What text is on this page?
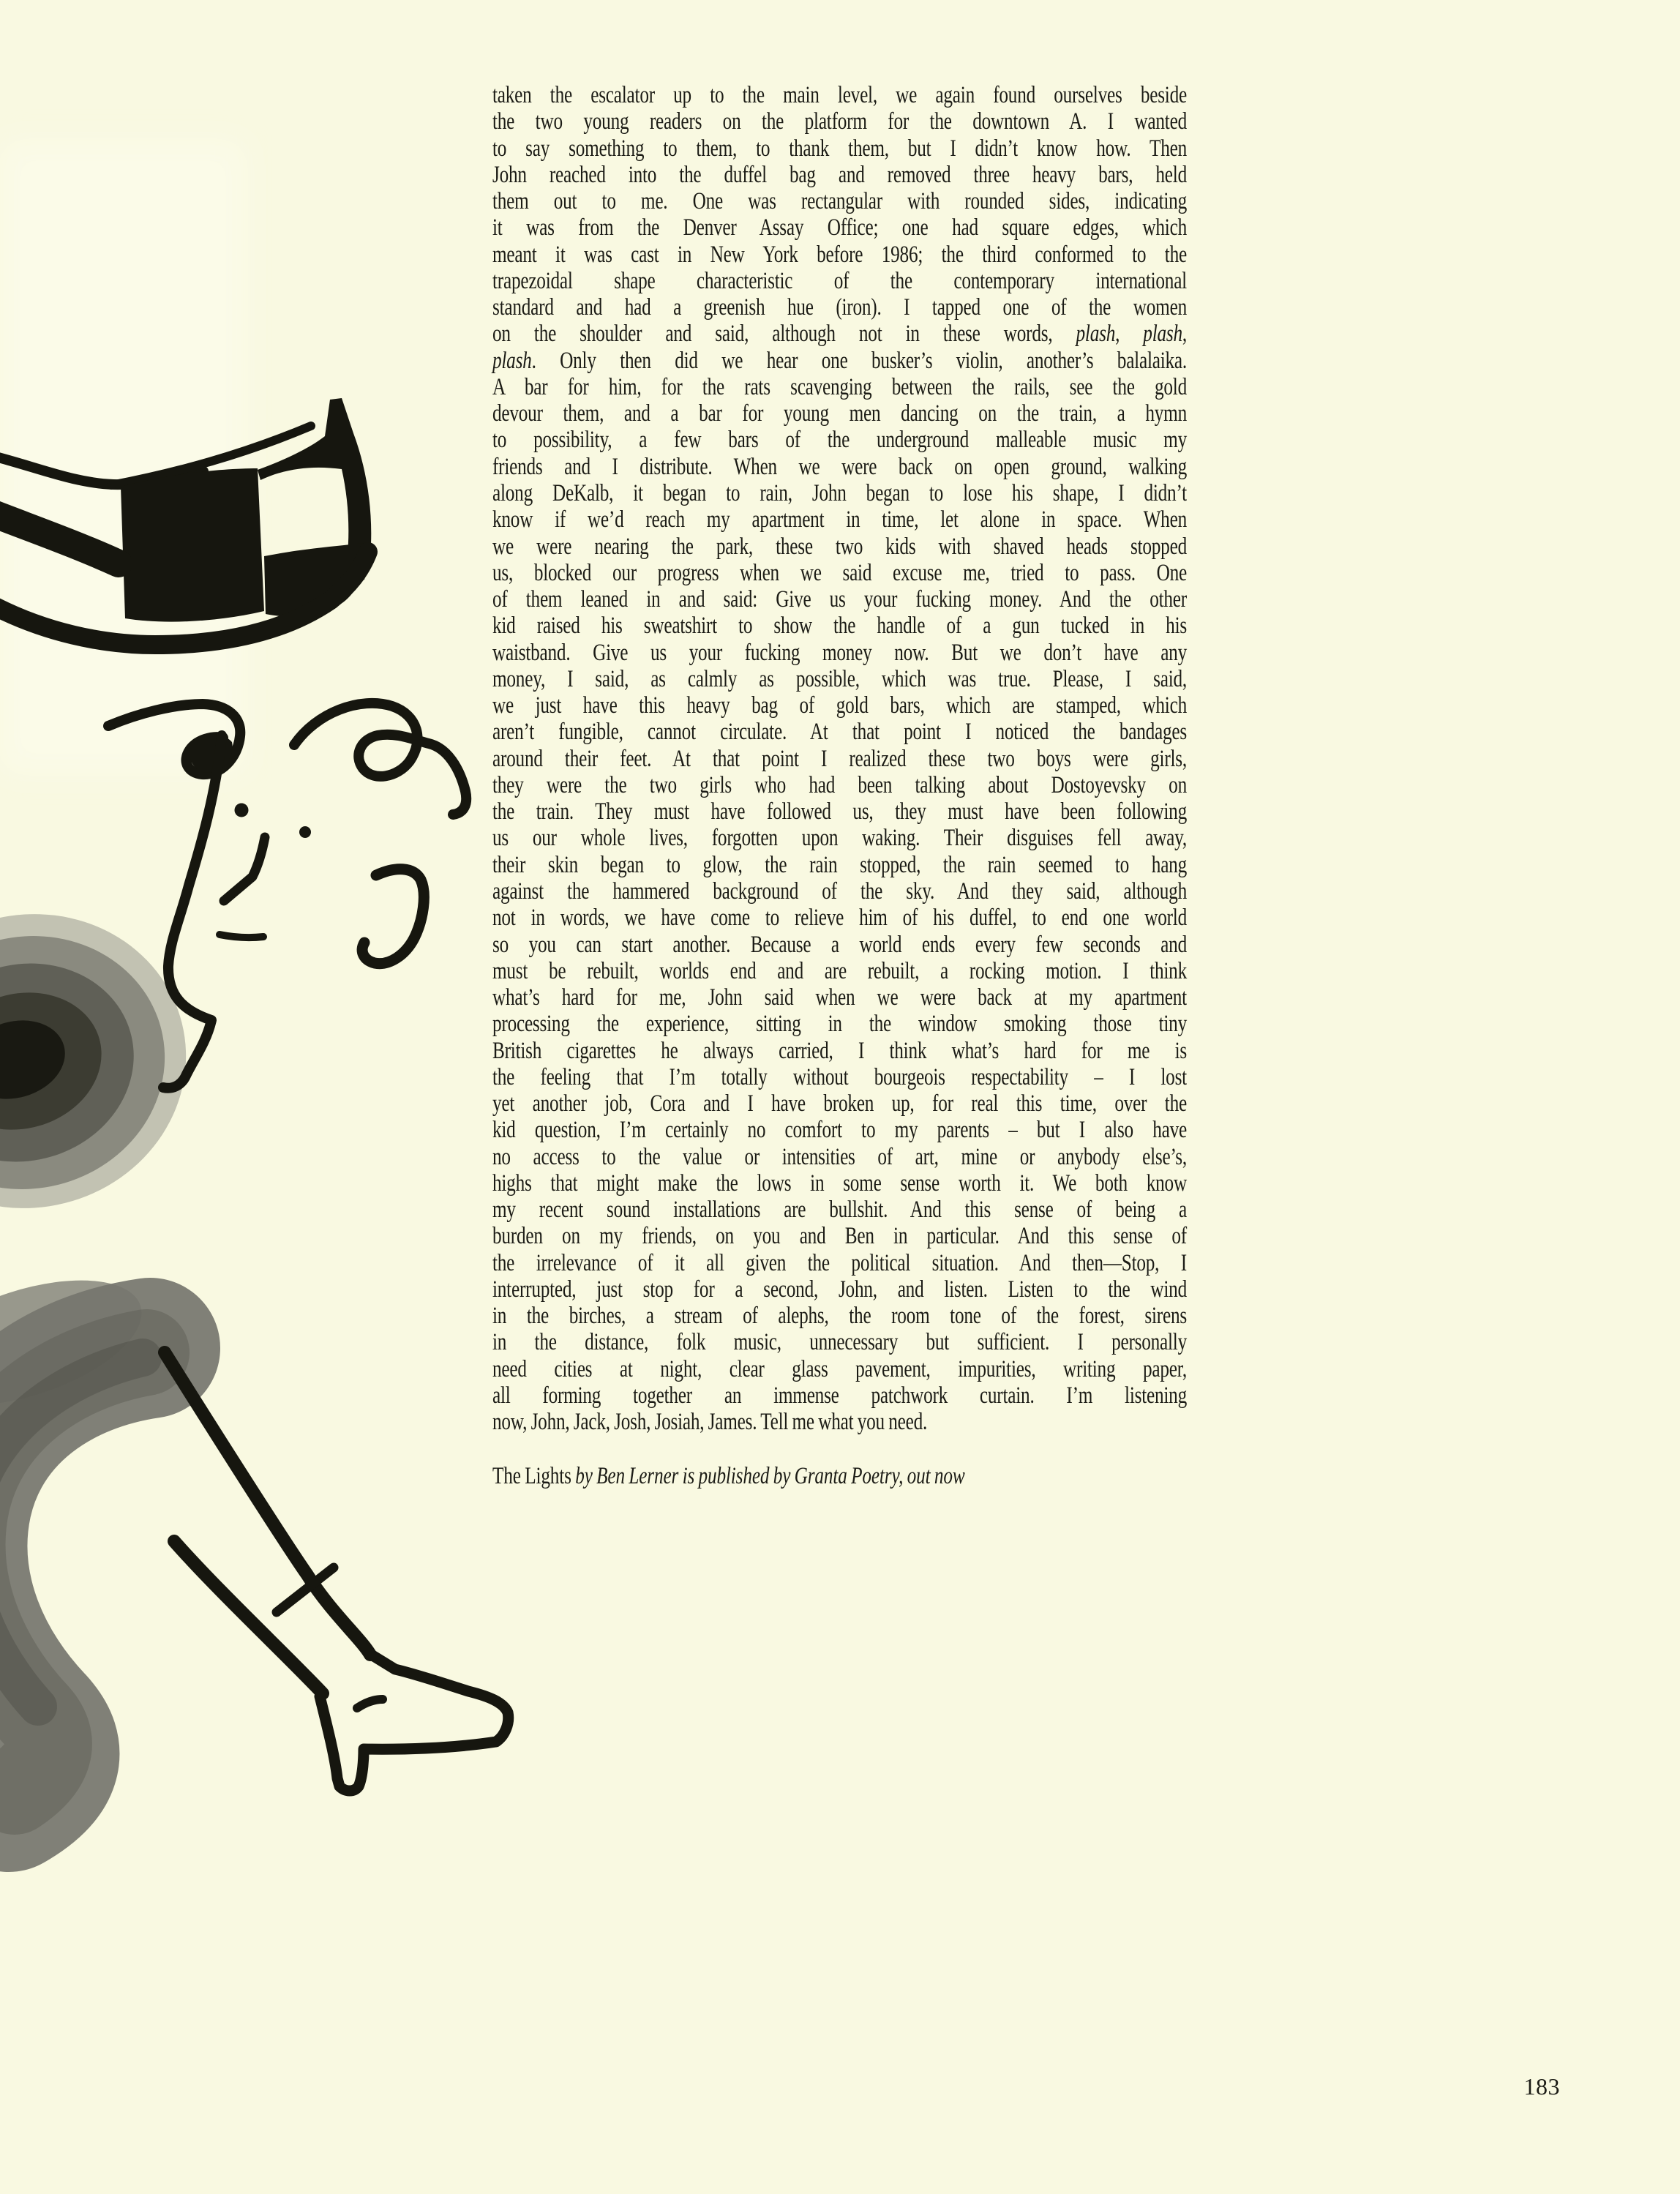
taken the escalator up to the main level, we again found ourselves beside
the two young readers on the platform for the downtown A. I wanted
to say something to them, to thank them, but I didn’t know how. Then
John reached into the duffel bag and removed three heavy bars, held
them out to me. One was rectangular with rounded sides, indicating
it was from the Denver Assay Office; one had square edges, which
meant it was cast in New York before 1986; the third conformed to the
trapezoidal shape characteristic of the contemporary international
standard and had a greenish hue (iron). I tapped one of the women
on the shoulder and said, although not in these words, plash, plash,
plash. Only then did we hear one busker’s violin, another’s balalaika.
A bar for him, for the rats scavenging between the rails, see the gold
devour them, and a bar for young men dancing on the train, a hymn
to possibility, a few bars of the underground malleable music my
friends and I distribute. When we were back on open ground, walking
along DeKalb, it began to rain, John began to lose his shape, I didn’t
know if we’d reach my apartment in time, let alone in space. When
we were nearing the park, these two kids with shaved heads stopped
us, blocked our progress when we said excuse me, tried to pass. One
of them leaned in and said: Give us your fucking money. And the other
kid raised his sweatshirt to show the handle of a gun tucked in his
waistband. Give us your fucking money now. But we don’t have any
money, I said, as calmly as possible, which was true. Please, I said,
we just have this heavy bag of gold bars, which are stamped, which
aren’t fungible, cannot circulate. At that point I noticed the bandages
around their feet. At that point I realized these two boys were girls,
they were the two girls who had been talking about Dostoyevsky on
the train. They must have followed us, they must have been following
us our whole lives, forgotten upon waking. Their disguises fell away,
their skin began to glow, the rain stopped, the rain seemed to hang
against the hammered background of the sky. And they said, although
not in words, we have come to relieve him of his duffel, to end one world
so you can start another. Because a world ends every few seconds and
must be rebuilt, worlds end and are rebuilt, a rocking motion. I think
what’s hard for me, John said when we were back at my apartment
processing the experience, sitting in the window smoking those tiny
British cigarettes he always carried, I think what’s hard for me is
the feeling that I’m totally without bourgeois respectability – I lost
yet another job, Cora and I have broken up, for real this time, over the
kid question, I’m certainly no comfort to my parents – but I also have
no access to the value or intensities of art, mine or anybody else’s,
highs that might make the lows in some sense worth it. We both know
my recent sound installations are bullshit. And this sense of being a
burden on my friends, on you and Ben in particular. And this sense of
the irrelevance of it all given the political situation. And then—Stop, I
interrupted, just stop for a second, John, and listen. Listen to the wind
in the birches, a stream of alephs, the room tone of the forest, sirens
in the distance, folk music, unnecessary but sufficient. I personally
need cities at night, clear glass pavement, impurities, writing paper,
all forming together an immense patchwork curtain. I’m listening
now, John, Jack, Josh, Josiah, James. Tell me what you need.
The Lights by Ben Lerner is published by Granta Poetry, out now
183
